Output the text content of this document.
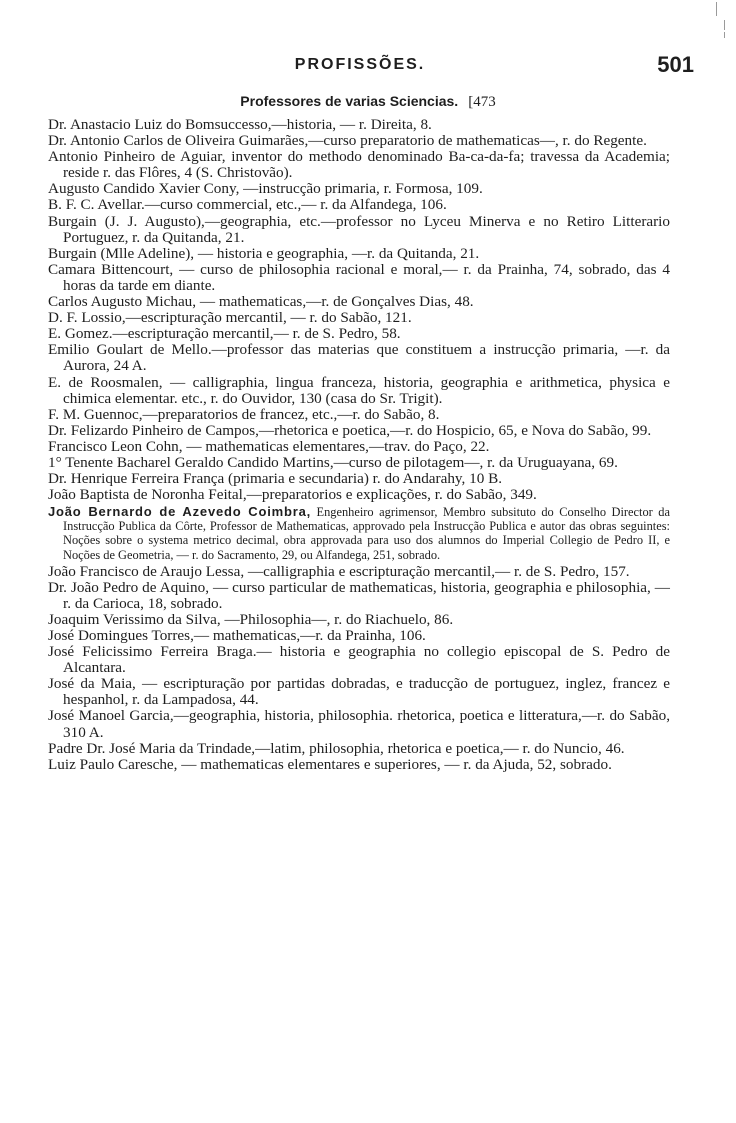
PROFISSÕES.	501
Professores de varias Sciencias. [473

Dr. Anastacio Luiz do Bomsuccesso,—historia, — r. Direita, 8.

Dr. Antonio Carlos de Oliveira Guimarães,—curso preparatorio de mathematicas—, r. do Regente.

Antonio Pinheiro de Aguiar, inventor do methodo denominado Ba-ca-da-fa; travessa da Academia; reside r. das Flôres, 4 (S. Christovão).

Augusto Candido Xavier Cony, —instrucção primaria, r. Formosa, 109.

B. F. C. Avellar.—curso commercial, etc.,— r. da Alfandega, 106.

Burgain (J. J. Augusto),—geographia, etc.—professor no Lyceu Minerva e no Retiro Litterario Portuguez, r. da Quitanda, 21.

Burgain (Mlle Adeline), — historia e geographia, —r. da Quitanda, 21.

Camara Bittencourt, — curso de philosophia racional e moral,— r. da Prainha, 74, sobrado, das 4 horas da tarde em diante.

Carlos Augusto Michau, — mathematicas,—r. de Gonçalves Dias, 48.

D. F. Lossio,—escripturação mercantil, — r. do Sabão, 121.

E. Gomez.—escripturação mercantil,— r. de S. Pedro, 58.

Emilio Goulart de Mello.—professor das materias que constituem a instrucção primaria, —r. da Aurora, 24 A.

E. de Roosmalen, — calligraphia, lingua franceza, historia, geographia e arithmetica, physica e chimica elementar. etc., r. do Ouvidor, 130 (casa do Sr. Trigit).

F. M. Guennoc,—preparatorios de francez, etc.,—r. do Sabão, 8.

Dr. Felizardo Pinheiro de Campos,—rhetorica e poetica,—r. do Hospicio, 65, e Nova do Sabão, 99.

Francisco Leon Cohn, — mathematicas elementares,—trav. do Paço, 22.

1° Tenente Bacharel Geraldo Candido Martins,—curso de pilotagem—, r. da Uruguayana, 69.

Dr. Henrique Ferreira França (primaria e secundaria) r. do Andarahy, 10 B.

João Baptista de Noronha Feital,—preparatorios e explicações, r. do Sabão, 349.

João Bernardo de Azevedo Coimbra, Engenheiro agrimensor, Membro subsituto do Conselho Director da Instrucção Publica da Côrte, Professor de Mathematicas, approvado pela Instrucção Publica e autor das obras seguintes: Noções sobre o systema metrico decimal, obra approvada para uso dos alumnos do Imperial Collegio de Pedro II, e Noções de Geometria, — r. do Sacramento, 29, ou Alfandega, 251, sobrado.

João Francisco de Araujo Lessa, —calligraphia e escripturação mercantil,— r. de S. Pedro, 157.

Dr. João Pedro de Aquino, — curso particular de mathematicas, historia, geographia e philosophia, — r. da Carioca, 18, sobrado.

Joaquim Verissimo da Silva, —Philosophia—, r. do Riachuelo, 86.

José Domingues Torres,— mathematicas,—r. da Prainha, 106.

José Felicissimo Ferreira Braga.— historia e geographia no collegio episcopal de S. Pedro de Alcantara.

José da Maia, — escripturação por partidas dobradas, e traducção de portuguez, inglez, francez e hespanhol, r. da Lampadosa, 44.

José Manoel Garcia,—geographia, historia, philosophia. rhetorica, poetica e litteratura,—r. do Sabão, 310 A.

Padre Dr. José Maria da Trindade,—latim, philosophia, rhetorica e poetica,— r. do Nuncio, 46.

Luiz Paulo Caresche, — mathematicas elementares e superiores, — r. da Ajuda, 52, sobrado.
